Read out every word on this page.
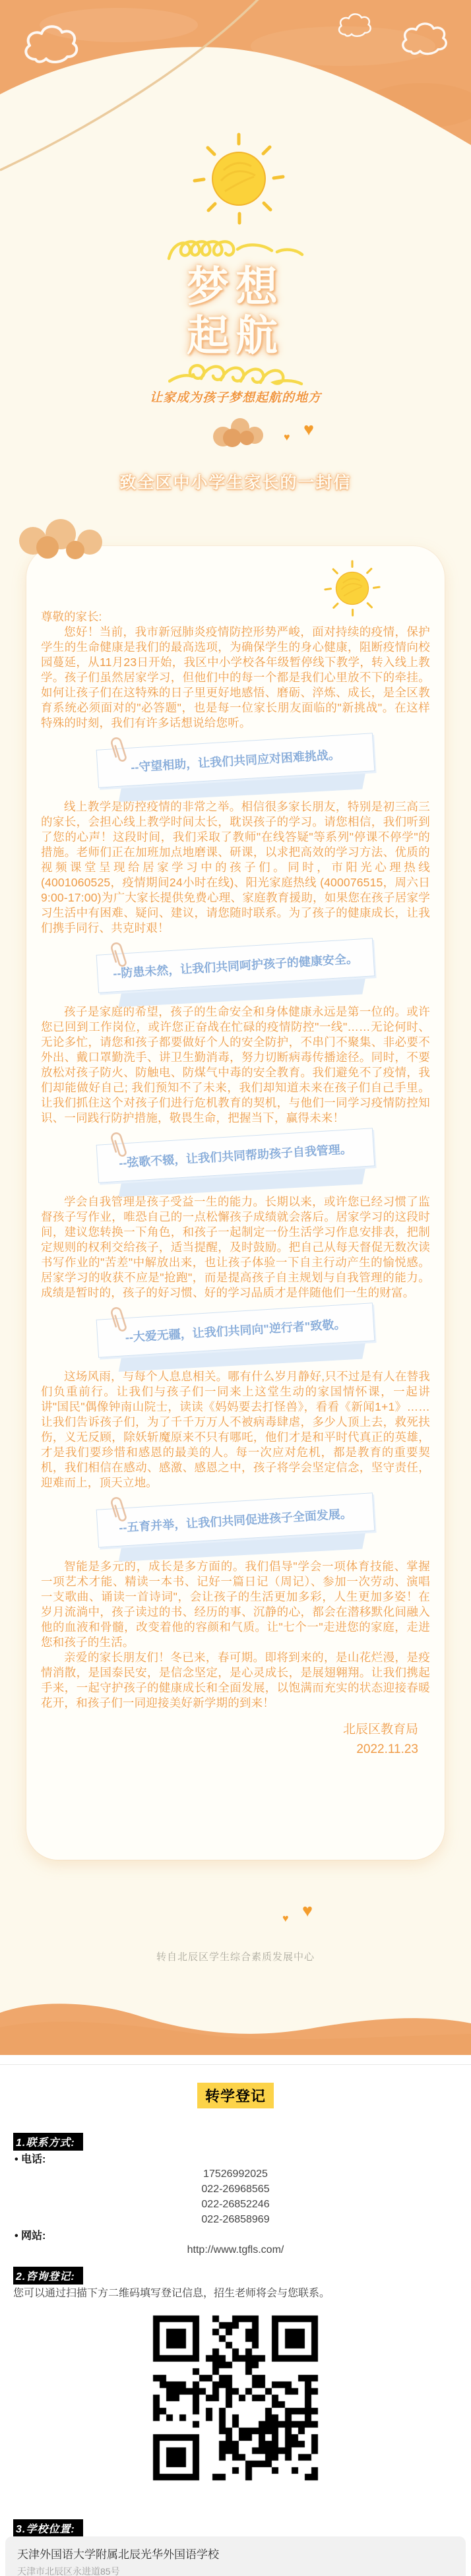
梦想
起航
让家成为孩子梦想起航的地方
♥ ♥
致全区中小学生家长的一封信
尊敬的家长:

您好！当前，我市新冠肺炎疫情防控形势严峻，面对持续的疫情，保护学生的生命健康是我们的最高选项，为确保学生的身心健康，阻断疫情向校园蔓延，从11月23日开始，我区中小学校各年级暂停线下教学，转入线上教学。孩子们虽然居家学习，但他们中的每一个都是我们心里放不下的牵挂。如何让孩子们在这特殊的日子里更好地感悟、磨砺、淬炼、成长，是全区教育系统必须面对的"必答题"，也是每一位家长朋友面临的"新挑战"。在这样特殊的时刻，我们有许多话想说给您听。

--守望相助，让我们共同应对困难挑战。

线上教学是防控疫情的非常之举。相信很多家长朋友，特别是初三高三的家长，会担心线上教学时间太长，耽误孩子的学习。请您相信，我们听到了您的心声！这段时间，我们采取了教师"在线答疑"等系列"停课不停学"的措施。老师们正在加班加点地磨课、研课，以求把高效的学习方法、优质的视频课堂呈现给居家学习中的孩子们。同时，市阳光心理热线(4001060525，疫情期间24小时在线)、阳光家庭热线 (400076515，周六日9:00-17:00)为广大家长提供免费心理、家庭教育援助，如果您在孩子居家学习生活中有困难、疑问、建议，请您随时联系。为了孩子的健康成长，让我们携手同行、共克时艰！

--防患未然，让我们共同呵护孩子的健康安全。

孩子是家庭的希望，孩子的生命安全和身体健康永远是第一位的。或许您已回到工作岗位，或许您正奋战在忙碌的疫情防控"一线"……无论何时、无论多忙，请您和孩子都要做好个人的安全防护，不串门不聚集、非必要不外出、戴口罩勤洗手、讲卫生勤消毒，努力切断病毒传播途径。同时，不要放松对孩子防火、防触电、防煤气中毒的安全教育。我们避免不了疫情，我们却能做好自己; 我们预知不了未来，我们却知道未来在孩子们自己手里。让我们抓住这个对孩子们进行危机教育的契机，与他们一同学习疫情防控知识、一同践行防护措施，敬畏生命，把握当下，赢得未来！

--弦歌不辍，让我们共同帮助孩子自我管理。

学会自我管理是孩子受益一生的能力。长期以来，或许您已经习惯了监督孩子写作业，唯恐自己的一点松懈孩子成绩就会落后。居家学习的这段时间，建议您转换一下角色，和孩子一起制定一份生活学习作息安排表，把制定规则的权利交给孩子，适当提醒，及时鼓励。把自己从每天督促无数次读书写作业的"苦差"中解放出来，也让孩子体验一下自主行动产生的愉悦感。居家学习的收获不应是"抢跑"，而是提高孩子自主规划与自我管理的能力。成绩是暂时的，孩子的好习惯、好的学习品质才是伴随他们一生的财富。

--大爱无疆，让我们共同向"逆行者"致敬。

这场风雨，与每个人息息相关。哪有什么岁月静好,只不过是有人在替我们负重前行。让我们与孩子们一同来上这堂生动的家国情怀课，一起讲讲"国民"偶像钟南山院士，读读《妈妈要去打怪兽》，看看《新闻1+1》……让我们告诉孩子们，为了千千万万人不被病毒肆虐，多少人顶上去，救死扶伤，义无反顾，除妖斩魔原来不只有哪吒，他们才是和平时代真正的英雄，才是我们要珍惜和感恩的最美的人。每一次应对危机，都是教育的重要契机，我们相信在感动、感激、感恩之中，孩子将学会坚定信念，坚守责任，迎难而上，顶天立地。

--五育并举，让我们共同促进孩子全面发展。

智能是多元的，成长是多方面的。我们倡导"学会一项体育技能、掌握一项艺术才能、精读一本书、记好一篇日记（周记）、参加一次劳动、演唱一支歌曲、诵读一首诗词"，会让孩子的生活更加多彩，人生更加多姿！在岁月流淌中，孩子读过的书、经历的事、沉静的心，都会在潜移默化间融入他的血液和骨髓，改变着他的容颜和气质。让"七个一"走进您的家庭，走进您和孩子的生活。

亲爱的家长朋友们！冬已来，春可期。即将到来的，是山花烂漫，是疫情消散，是国泰民安，是信念坚定，是心灵成长，是展翅翱翔。让我们携起手来，一起守护孩子的健康成长和全面发展，以饱满而充实的状态迎接春暖花开，和孩子们一同迎接美好新学期的到来！

北辰区教育局
2022.11.23
♥ ♥
转自北辰区学生综合素质发展中心
转学登记
1.联系方式:
• 电话:
17526992025
022-26968565
022-26852246
022-26858969
• 网站:
http://www.tgfls.com/
2.咨询登记:
您可以通过扫描下方二维码填写登记信息，招生老师将会与您联系。
3.学校位置:

天津外国语大学附属北辰光华外国语学校

天津市北辰区永进道85号
